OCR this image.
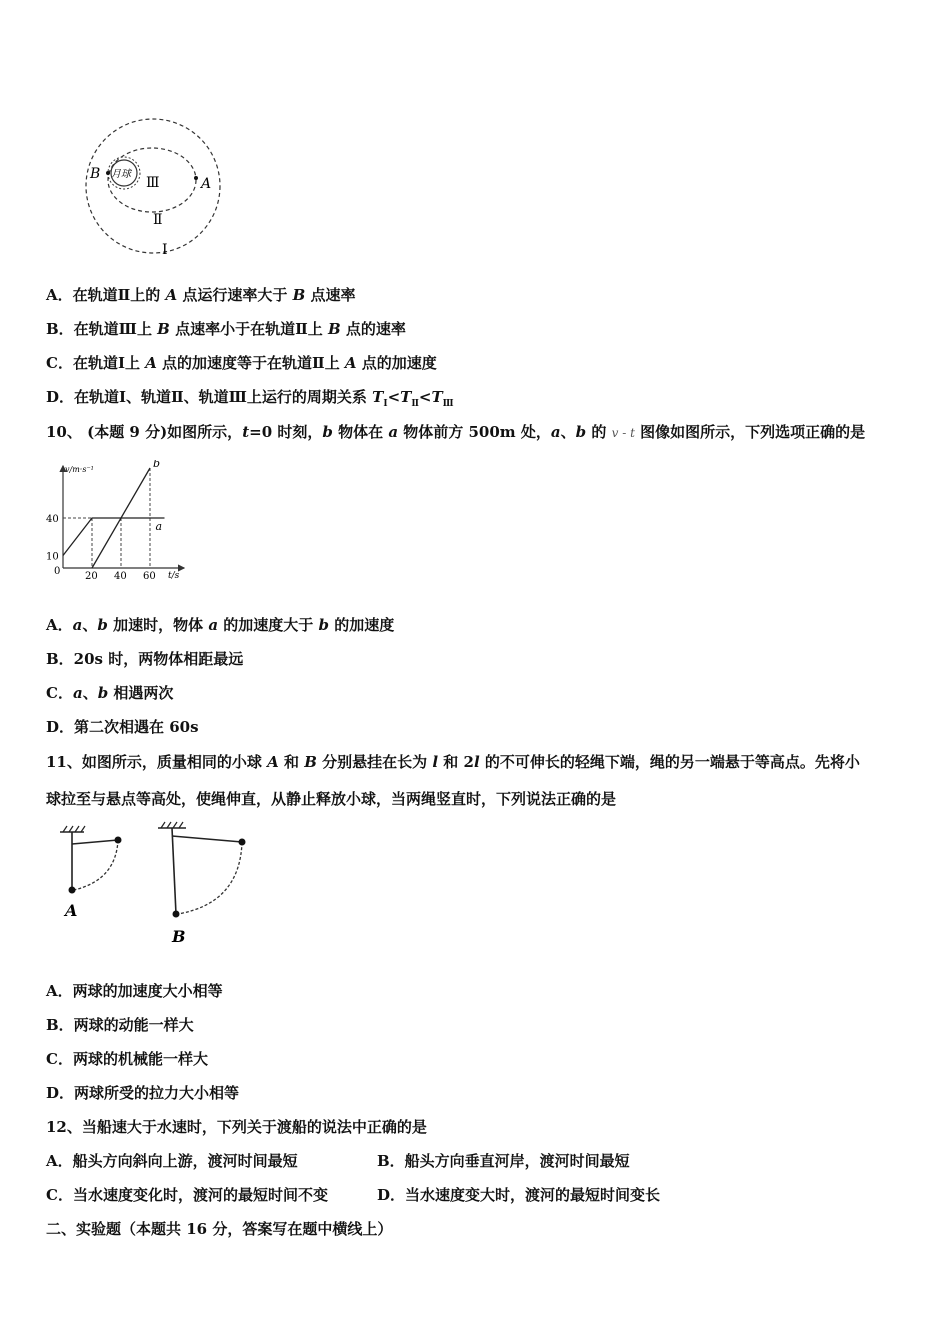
月球
B
A
Ⅲ
Ⅱ
Ⅰ
A．在轨道Ⅱ上的 A 点运行速率大于 B 点速率
B．在轨道Ⅲ上 B 点速率小于在轨道Ⅱ上 B 点的速率
C．在轨道Ⅰ上 A 点的加速度等于在轨道Ⅱ上 A 点的加速度
D．在轨道Ⅰ、轨道Ⅱ、轨道Ⅲ上运行的周期关系 $T_Ⅰ<T_Ⅱ<T_Ⅲ$
10、 (本题 9 分)如图所示，t=0 时刻，b 物体在 a 物体前方 500m 处，a、b 的 v - t 图像如图所示，下列选项正确的是
v/m·s⁻¹
t/s
0 20 40 60
40
10
a
b
A．a、b 加速时，物体 a 的加速度大于 b 的加速度
B．20s 时，两物体相距最远
C．a、b 相遇两次
D．第二次相遇在 60s
11、如图所示，质量相同的小球 A 和 B 分别悬挂在长为 l 和 2l 的不可伸长的轻绳下端，绳的另一端悬于等高点。先将小
球拉至与悬点等高处，使绳伸直，从静止释放小球，当两绳竖直时，下列说法正确的是
A
B
A．两球的加速度大小相等
B．两球的动能一样大
C．两球的机械能一样大
D．两球所受的拉力大小相等
12、当船速大于水速时，下列关于渡船的说法中正确的是
A．船头方向斜向上游，渡河时间最短	B．船头方向垂直河岸，渡河时间最短
C．当水速度变化时，渡河的最短时间不变	D．当水速度变大时，渡河的最短时间变长
二、实验题（本题共 16 分，答案写在题中横线上）
